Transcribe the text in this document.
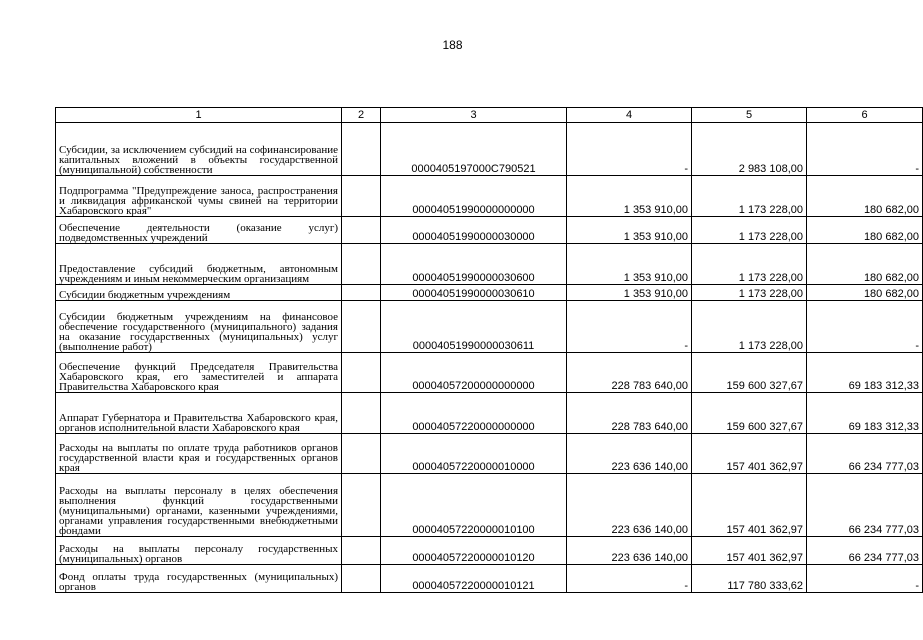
188
1	2	3	4	5	6
Субсидии, за исключением субсидий на софинансирование капитальных вложений в объекты государственной (муниципальной) собственности		0000405197000C790521	-	2 983 108,00	-
Подпрограмма "Предупреждение заноса, распространения и ликвидация африканской чумы свиней на территории Хабаровского края"		00004051990000000000	1 353 910,00	1 173 228,00	180 682,00
Обеспечение деятельности (оказание услуг) подведомственных учреждений		00004051990000030000	1 353 910,00	1 173 228,00	180 682,00
Предоставление субсидий бюджетным, автономным учреждениям и иным некоммерческим организациям		00004051990000030600	1 353 910,00	1 173 228,00	180 682,00
Субсидии бюджетным учреждениям		00004051990000030610	1 353 910,00	1 173 228,00	180 682,00
Субсидии бюджетным учреждениям на финансовое обеспечение государственного (муниципального) задания на оказание государственных (муниципальных) услуг (выполнение работ)		00004051990000030611	-	1 173 228,00	-
Обеспечение функций Председателя Правительства Хабаровского края, его заместителей и аппарата Правительства Хабаровского края		00004057200000000000	228 783 640,00	159 600 327,67	69 183 312,33
Аппарат Губернатора и Правительства Хабаровского края, органов исполнительной власти Хабаровского края		00004057220000000000	228 783 640,00	159 600 327,67	69 183 312,33
Расходы на выплаты по оплате труда работников органов государственной власти края и государственных органов края		00004057220000010000	223 636 140,00	157 401 362,97	66 234 777,03
Расходы на выплаты персоналу в целях обеспечения выполнения функций государственными (муниципальными) органами, казенными учреждениями, органами управления государственными внебюджетными фондами		00004057220000010100	223 636 140,00	157 401 362,97	66 234 777,03
Расходы на выплаты персоналу государственных (муниципальных) органов		00004057220000010120	223 636 140,00	157 401 362,97	66 234 777,03
Фонд оплаты труда государственных (муниципальных) органов		00004057220000010121	-	117 780 333,62	-
